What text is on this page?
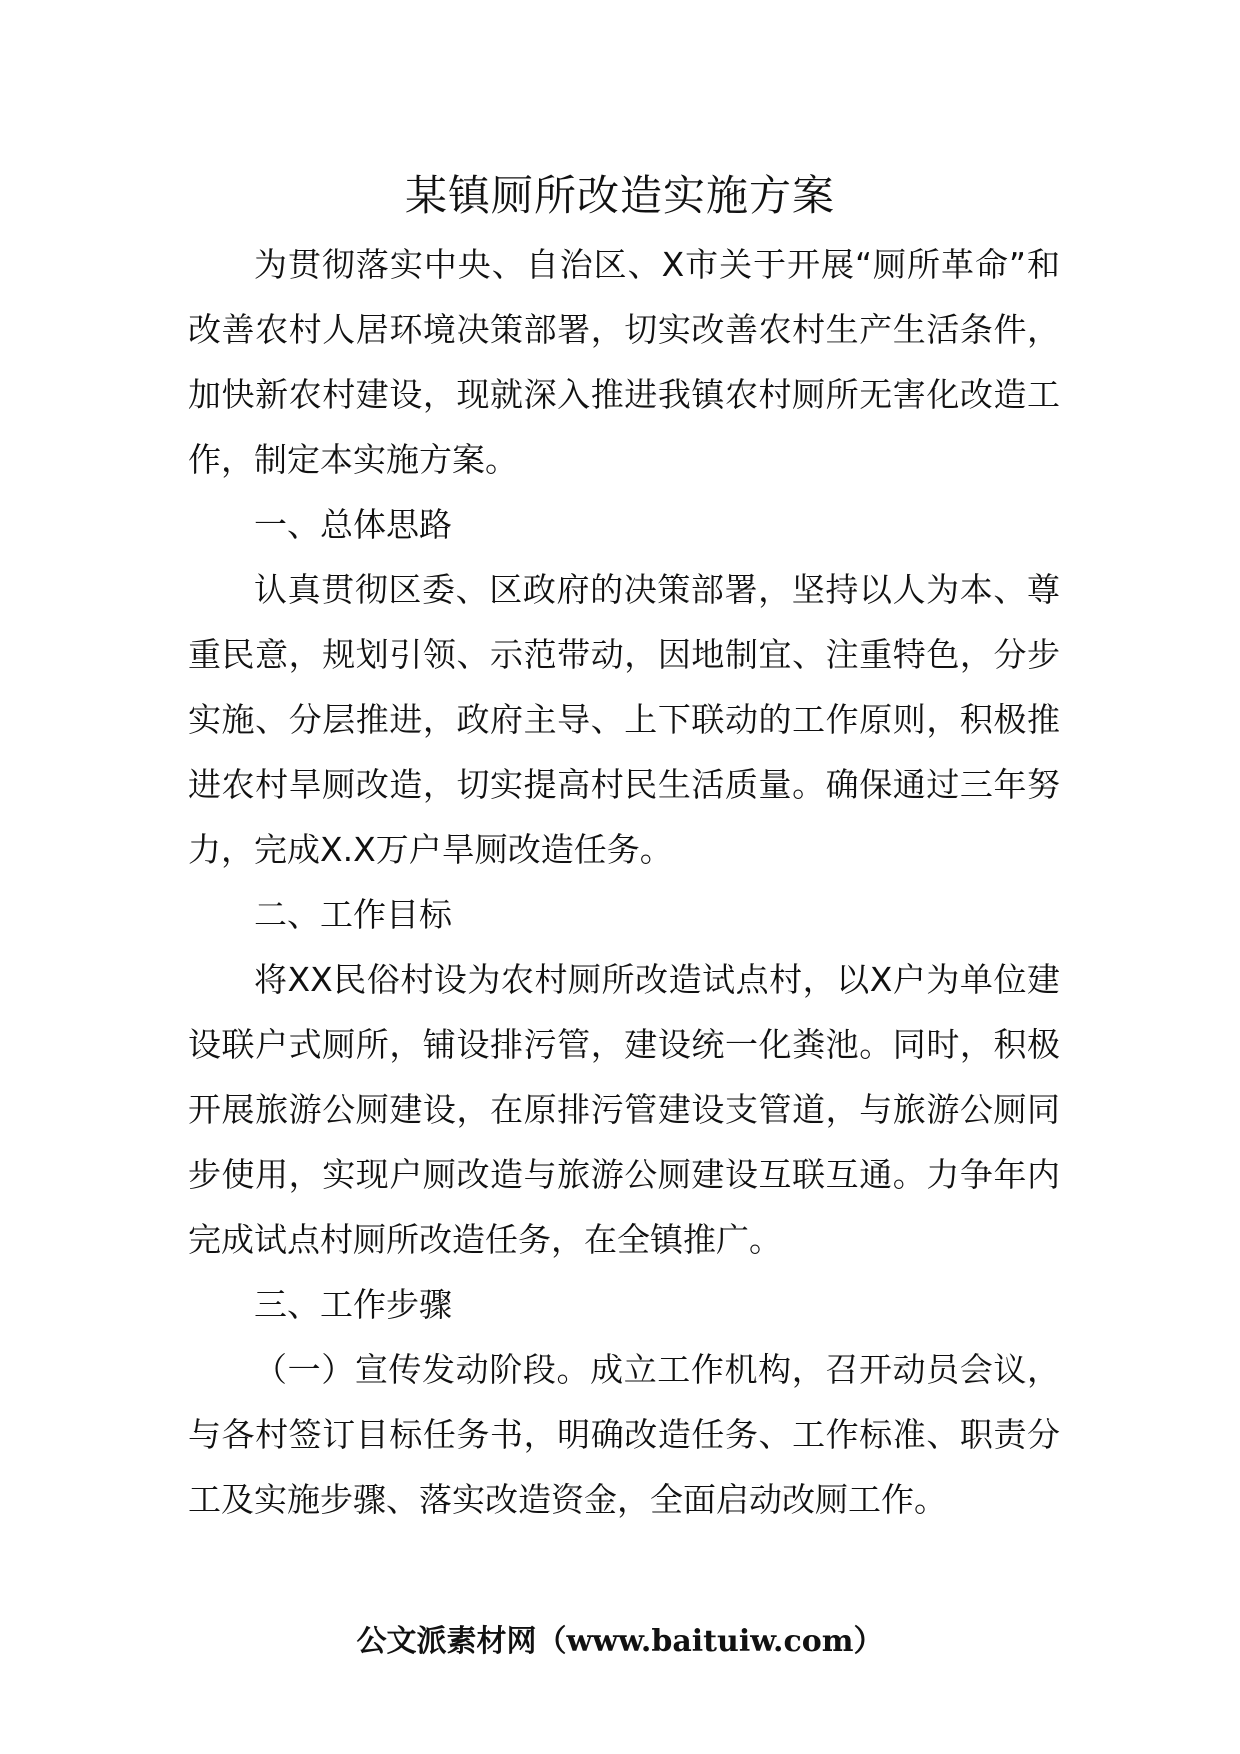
某镇厕所改造实施方案

为贯彻落实中央、自治区、X市关于开展“厕所革命”和改善农村人居环境决策部署，切实改善农村生产生活条件，加快新农村建设，现就深入推进我镇农村厕所无害化改造工作，制定本实施方案。

一、总体思路

认真贯彻区委、区政府的决策部署，坚持以人为本、尊重民意，规划引领、示范带动，因地制宜、注重特色，分步实施、分层推进，政府主导、上下联动的工作原则，积极推进农村旱厕改造，切实提高村民生活质量。确保通过三年努力，完成X.X万户旱厕改造任务。

二、工作目标

将XX民俗村设为农村厕所改造试点村，以X户为单位建设联户式厕所，铺设排污管，建设统一化粪池。同时，积极开展旅游公厕建设，在原排污管建设支管道，与旅游公厕同步使用，实现户厕改造与旅游公厕建设互联互通。力争年内完成试点村厕所改造任务，在全镇推广。

三、工作步骤

（一）宣传发动阶段。成立工作机构，召开动员会议，与各村签订目标任务书，明确改造任务、工作标准、职责分工及实施步骤、落实改造资金，全面启动改厕工作。

公文派素材网（www.baituiw.com）
